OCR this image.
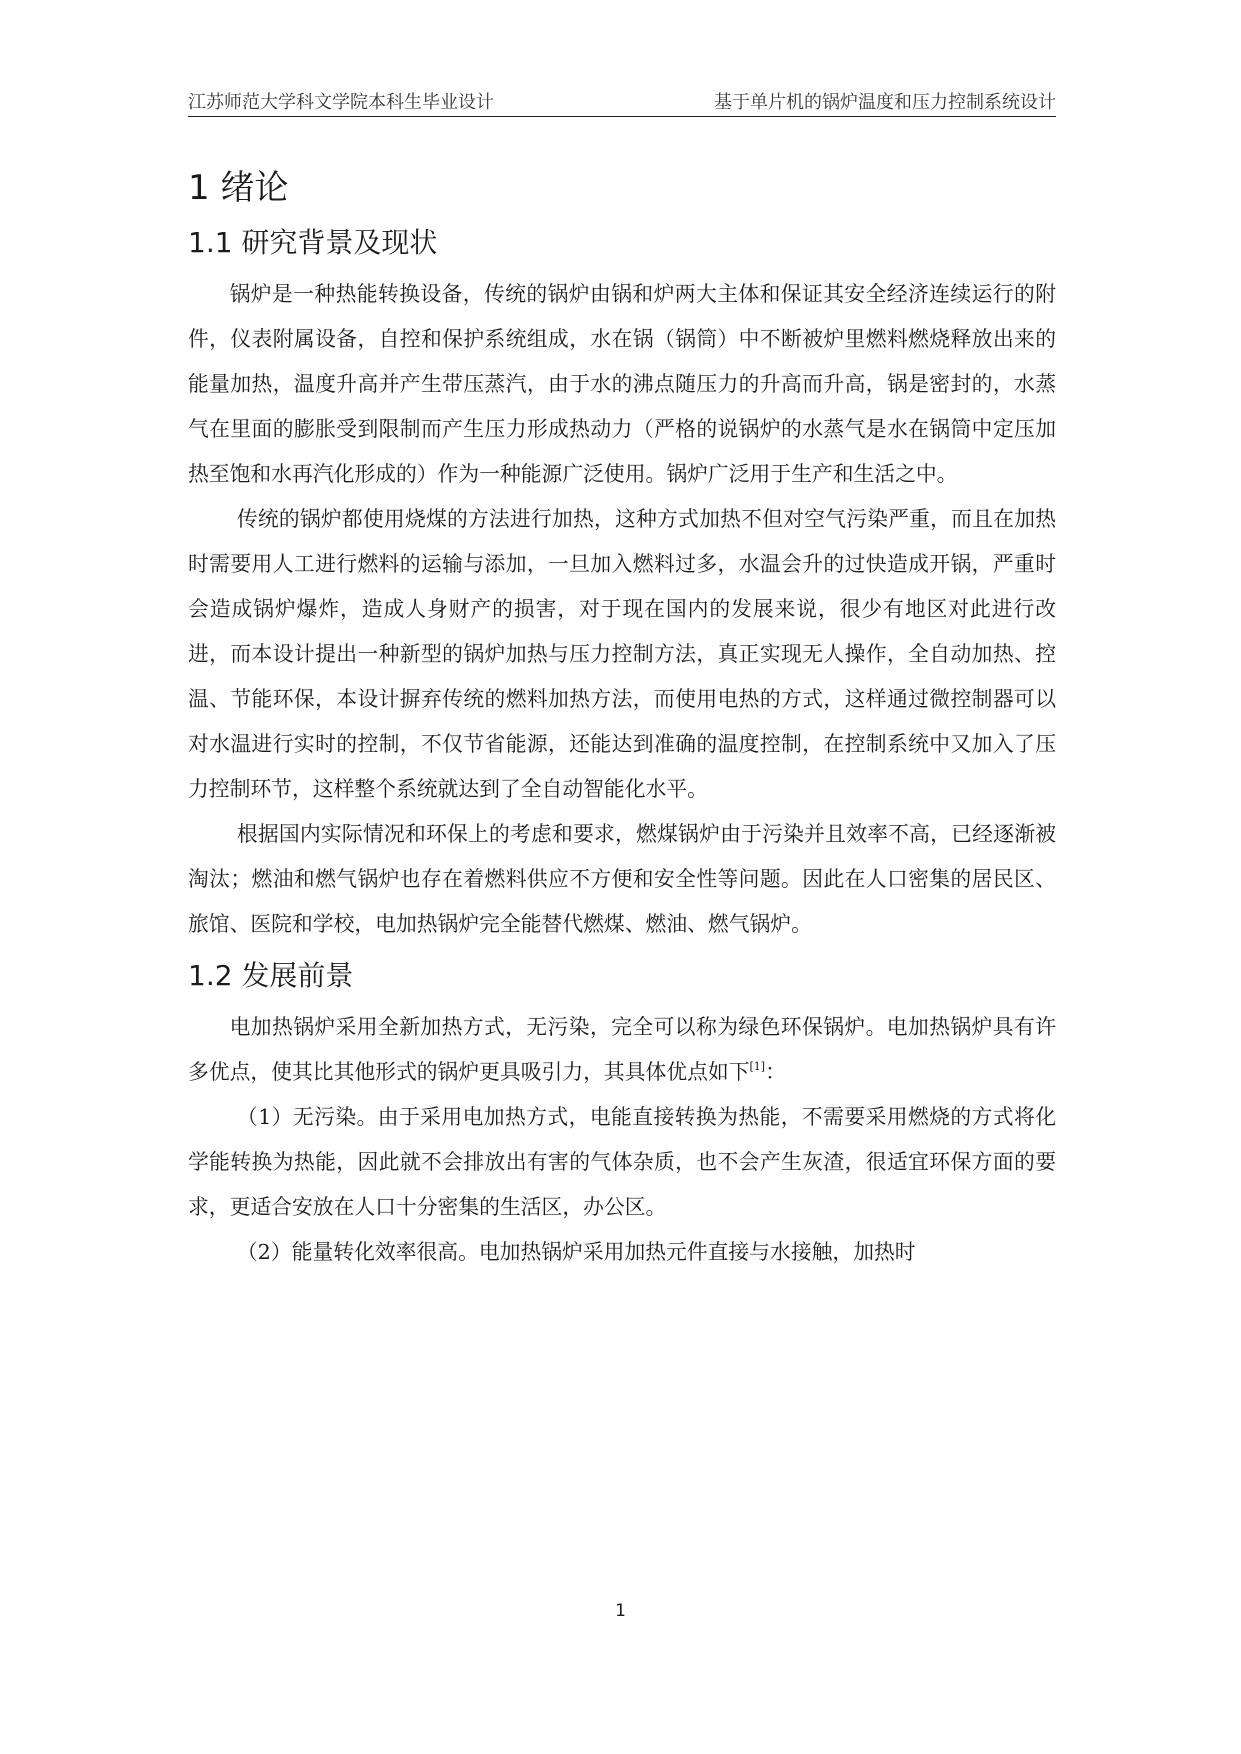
江苏师范大学科文学院本科生毕业设计	基于单片机的锅炉温度和压力控制系统设计
1 绪论
1.1 研究背景及现状

锅炉是一种热能转换设备，传统的锅炉由锅和炉两大主体和保证其安全经济连续运行的附件，仪表附属设备，自控和保护系统组成，水在锅（锅筒）中不断被炉里燃料燃烧释放出来的能量加热，温度升高并产生带压蒸汽，由于水的沸点随压力的升高而升高，锅是密封的，水蒸气在里面的膨胀受到限制而产生压力形成热动力（严格的说锅炉的水蒸气是水在锅筒中定压加热至饱和水再汽化形成的）作为一种能源广泛使用。锅炉广泛用于生产和生活之中。

传统的锅炉都使用烧煤的方法进行加热，这种方式加热不但对空气污染严重，而且在加热时需要用人工进行燃料的运输与添加，一旦加入燃料过多，水温会升的过快造成开锅，严重时会造成锅炉爆炸，造成人身财产的损害，对于现在国内的发展来说，很少有地区对此进行改进，而本设计提出一种新型的锅炉加热与压力控制方法，真正实现无人操作，全自动加热、控温、节能环保，本设计摒弃传统的燃料加热方法，而使用电热的方式，这样通过微控制器可以对水温进行实时的控制，不仅节省能源，还能达到准确的温度控制，在控制系统中又加入了压力控制环节，这样整个系统就达到了全自动智能化水平。

根据国内实际情况和环保上的考虑和要求，燃煤锅炉由于污染并且效率不高，已经逐渐被淘汰；燃油和燃气锅炉也存在着燃料供应不方便和安全性等问题。因此在人口密集的居民区、旅馆、医院和学校，电加热锅炉完全能替代燃煤、燃油、燃气锅炉。

1.2 发展前景

电加热锅炉采用全新加热方式，无污染，完全可以称为绿色环保锅炉。电加热锅炉具有许多优点，使其比其他形式的锅炉更具吸引力，其具体优点如下[1]：

（1）无污染。由于采用电加热方式，电能直接转换为热能，不需要采用燃烧的方式将化学能转换为热能，因此就不会排放出有害的气体杂质，也不会产生灰渣，很适宜环保方面的要求，更适合安放在人口十分密集的生活区，办公区。

（2）能量转化效率很高。电加热锅炉采用加热元件直接与水接触，加热时

1
